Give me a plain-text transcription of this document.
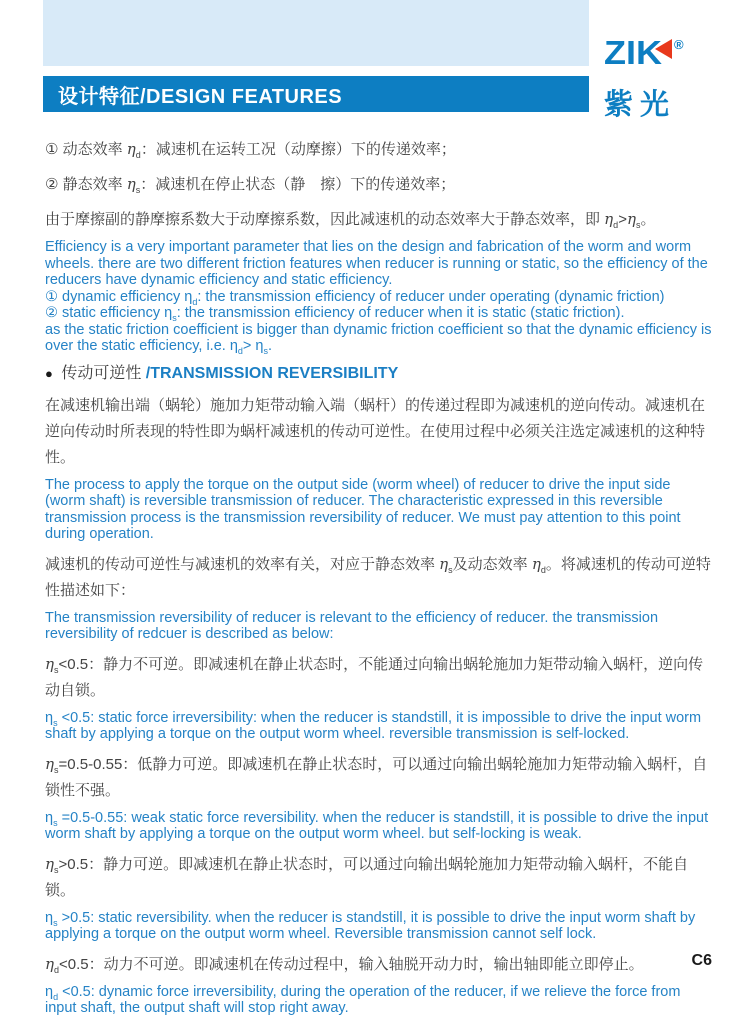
设计特征/DESIGN FEATURES
ZIK ®
紫光
① 动态效率 $\eta_d$：减速机在运转工况（动摩擦）下的传递效率；
② 静态效率 $\eta_s$：减速机在停止状态（静　擦）下的传递效率；
由于摩擦副的静摩擦系数大于动摩擦系数，因此减速机的动态效率大于静态效率，即 $\eta_d>\eta_s$。
Efficiency is a very important parameter that lies on the design and fabrication of the worm and worm wheels. there are two different friction features when reducer is running or static, so the efficiency of the reducers have dynamic efficiency and static efficiency.
① dynamic efficiency $\eta_d$: the transmission efficiency of reducer under operating (dynamic friction)
② static efficiency $\eta_s$: the transmission efficiency of reducer when it is static (static friction).
as the static friction coefficient is bigger than dynamic friction coefficient so that the dynamic efficiency is over the static efficiency, i.e. $\eta_d> \eta_s$.
● 传动可逆性 /TRANSMISSION REVERSIBILITY
在减速机输出端（蜗轮）施加力矩带动输入端（蜗杆）的传递过程即为减速机的逆向传动。减速机在逆向传动时所表现的特性即为蜗杆减速机的传动可逆性。在使用过程中必须关注选定减速机的这种特性。
The process to apply the torque on the output side (worm wheel) of reducer to drive the input side (worm shaft) is reversible transmission of reducer. The characteristic expressed in this reversible transmission process is the transmission reversibility of reducer. We must pay attention to this point during operation.
减速机的传动可逆性与减速机的效率有关，对应于静态效率 $\eta_s$及动态效率 $\eta_d$。将减速机的传动可逆特性描述如下：
The transmission reversibility of reducer is relevant to the efficiency of reducer. the transmission reversibility of redcuer is described as below:
$\eta_s<0.5$：静力不可逆。即减速机在静止状态时，不能通过向输出蜗轮施加力矩带动输入蜗杆，逆向传动自锁。
$\eta_s <0.5$: static force irreversibility: when the reducer is standstill, it is impossible to drive the input worm shaft by applying a torque on the output worm wheel. reversible transmission is self-locked.
$\eta_s=0.5-0.55$：低静力可逆。即减速机在静止状态时，可以通过向输出蜗轮施加力矩带动输入蜗杆，自锁性不强。
$\eta_s =0.5-0.55$: weak static force reversibility. when the reducer is standstill, it is possible to drive the input worm shaft by applying a torque on the output worm wheel. but self-locking is weak.
$\eta_s>0.5$：静力可逆。即减速机在静止状态时，可以通过向输出蜗轮施加力矩带动输入蜗杆，不能自锁。
$\eta_s >0.5$: static reversibility. when the reducer is standstill, it is possible to drive the input worm shaft by applying a torque on the output worm wheel. Reversible transmission cannot self lock.
$\eta_d<0.5$：动力不可逆。即减速机在传动过程中，输入轴脱开动力时，输出轴即能立即停止。
$\eta_d <0.5$: dynamic force irreversibility, during the operation of the reducer, if we relieve the force from input shaft, the output shaft will stop right away.
C6
